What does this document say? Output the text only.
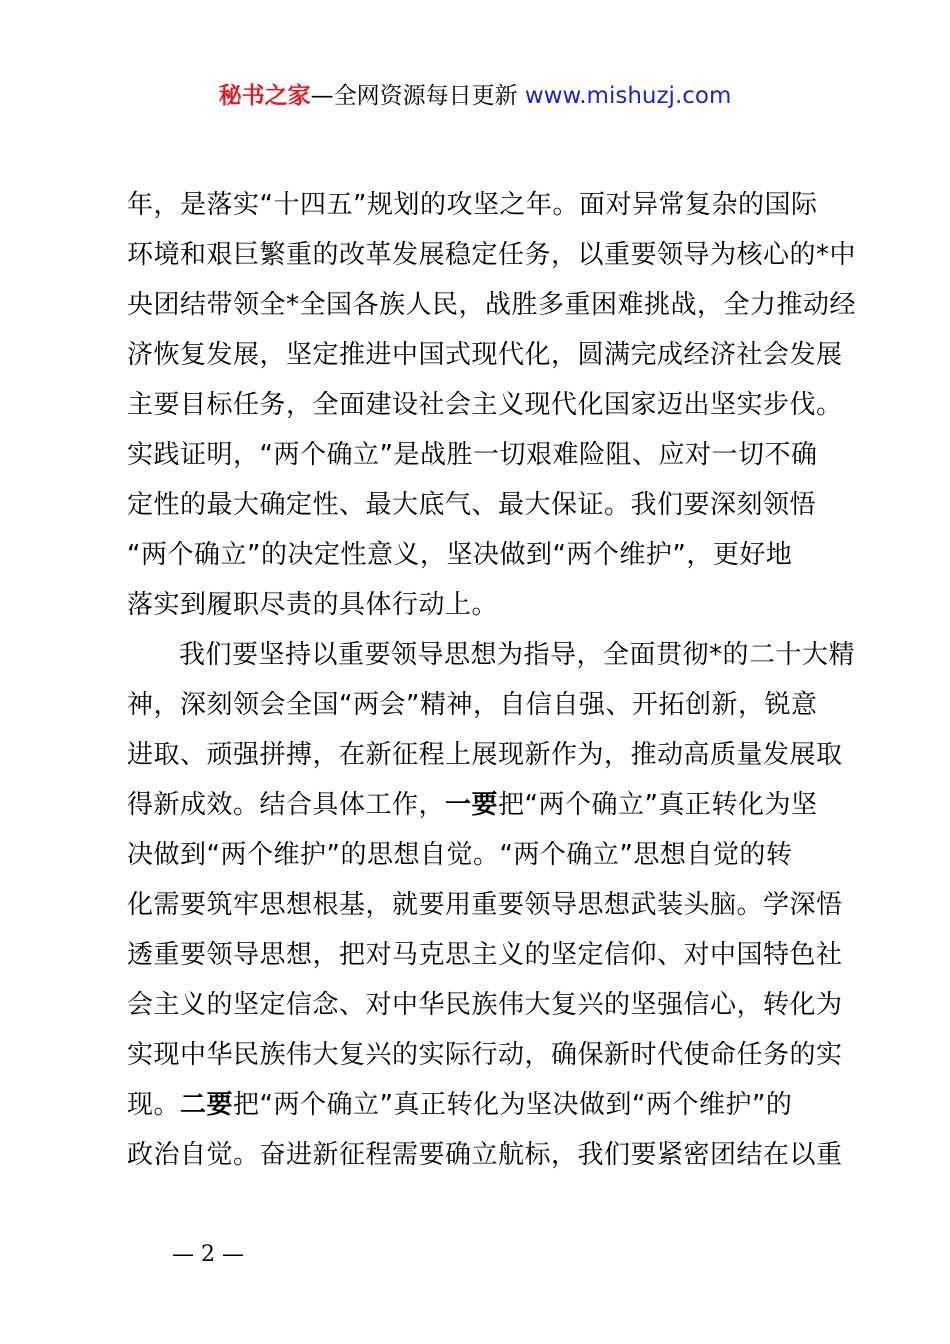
秘书之家—全网资源每日更新 www.mishuzj.com
年，是落实“十四五”规划的攻坚之年。面对异常复杂的国际
环境和艰巨繁重的改革发展稳定任务，以重要领导为核心的*中
央团结带领全*全国各族人民，战胜多重困难挑战，全力推动经
济恢复发展，坚定推进中国式现代化，圆满完成经济社会发展
主要目标任务，全面建设社会主义现代化国家迈出坚实步伐。
实践证明，“两个确立”是战胜一切艰难险阻、应对一切不确
定性的最大确定性、最大底气、最大保证。我们要深刻领悟
“两个确立”的决定性意义，坚决做到“两个维护”，更好地
落实到履职尽责的具体行动上。
我们要坚持以重要领导思想为指导，全面贯彻*的二十大精
神，深刻领会全国“两会”精神，自信自强、开拓创新，锐意
进取、顽强拼搏，在新征程上展现新作为，推动高质量发展取
得新成效。结合具体工作，一要把“两个确立”真正转化为坚
决做到“两个维护”的思想自觉。“两个确立”思想自觉的转
化需要筑牢思想根基，就要用重要领导思想武装头脑。学深悟
透重要领导思想，把对马克思主义的坚定信仰、对中国特色社
会主义的坚定信念、对中华民族伟大复兴的坚强信心，转化为
实现中华民族伟大复兴的实际行动，确保新时代使命任务的实
现。二要把“两个确立”真正转化为坚决做到“两个维护”的
政治自觉。奋进新征程需要确立航标，我们要紧密团结在以重
— 2 —
